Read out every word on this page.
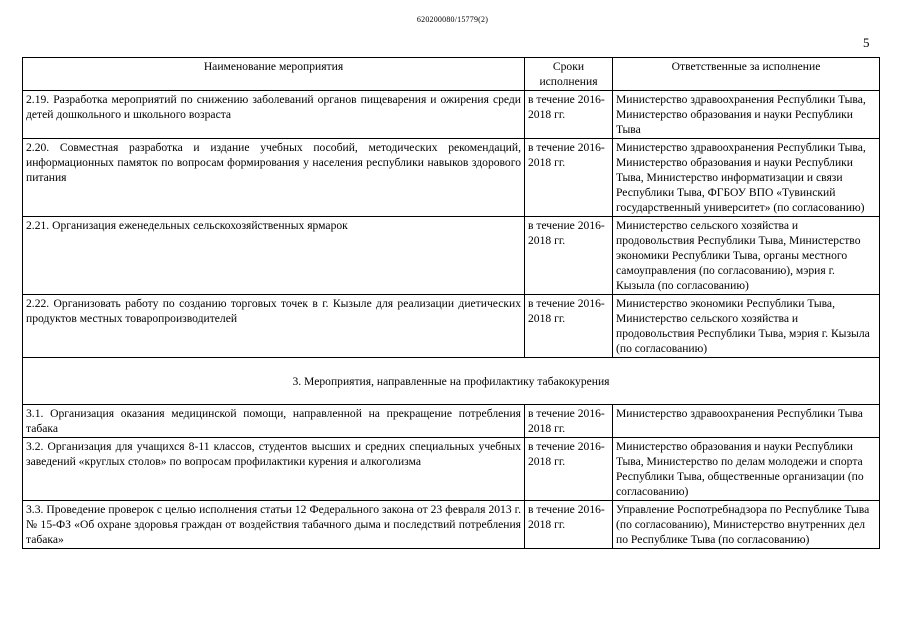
620200080/15779(2)
5
Наименование мероприятия	Сроки исполнения	Ответственные за исполнение
2.19. Разработка мероприятий по снижению заболеваний органов пищеварения и ожирения среди детей дошкольного и школьного возраста	в течение 2016-2018 гг.	Министерство здравоохранения Республики Тыва, Министерство образования и науки Республики Тыва
2.20. Совместная разработка и издание учебных пособий, методических рекомендаций, информационных памяток по вопросам формирования у населения республики навыков здорового питания	в течение 2016-2018 гг.	Министерство здравоохранения Республики Тыва, Министерство образования и науки Республики Тыва, Министерство информатизации и связи Республики Тыва, ФГБОУ ВПО «Тувинский государственный университет» (по согласованию)
2.21. Организация еженедельных сельскохозяйственных ярмарок	в течение 2016-2018 гг.	Министерство сельского хозяйства и продовольствия Республики Тыва, Министерство экономики Республики Тыва, органы местного самоуправления (по согласованию), мэрия г. Кызыла (по согласованию)
2.22. Организовать работу по созданию торговых точек в г. Кызыле для реализации диетических продуктов местных товаропроизводителей	в течение 2016-2018 гг.	Министерство экономики Республики Тыва, Министерство сельского хозяйства и продовольствия Республики Тыва, мэрия г. Кызыла (по согласованию)
3. Мероприятия, направленные на профилактику табакокурения		
3.1. Организация оказания медицинской помощи, направленной на прекращение потребления табака	в течение 2016-2018 гг.	Министерство здравоохранения Республики Тыва
3.2. Организация для учащихся 8-11 классов, студентов высших и средних специальных учебных заведений «круглых столов» по вопросам профилактики курения и алкоголизма	в течение 2016-2018 гг.	Министерство образования и науки Республики Тыва, Министерство по делам молодежи и спорта Республики Тыва, общественные организации (по согласованию)
3.3. Проведение проверок с целью исполнения статьи 12 Федерального закона от 23 февраля 2013 г. № 15-ФЗ «Об охране здоровья граждан от воздействия табачного дыма и последствий потребления табака»	в течение 2016-2018 гг.	Управление Роспотребнадзора по Республике Тыва (по согласованию), Министерство внутренних дел по Республике Тыва (по согласованию)
